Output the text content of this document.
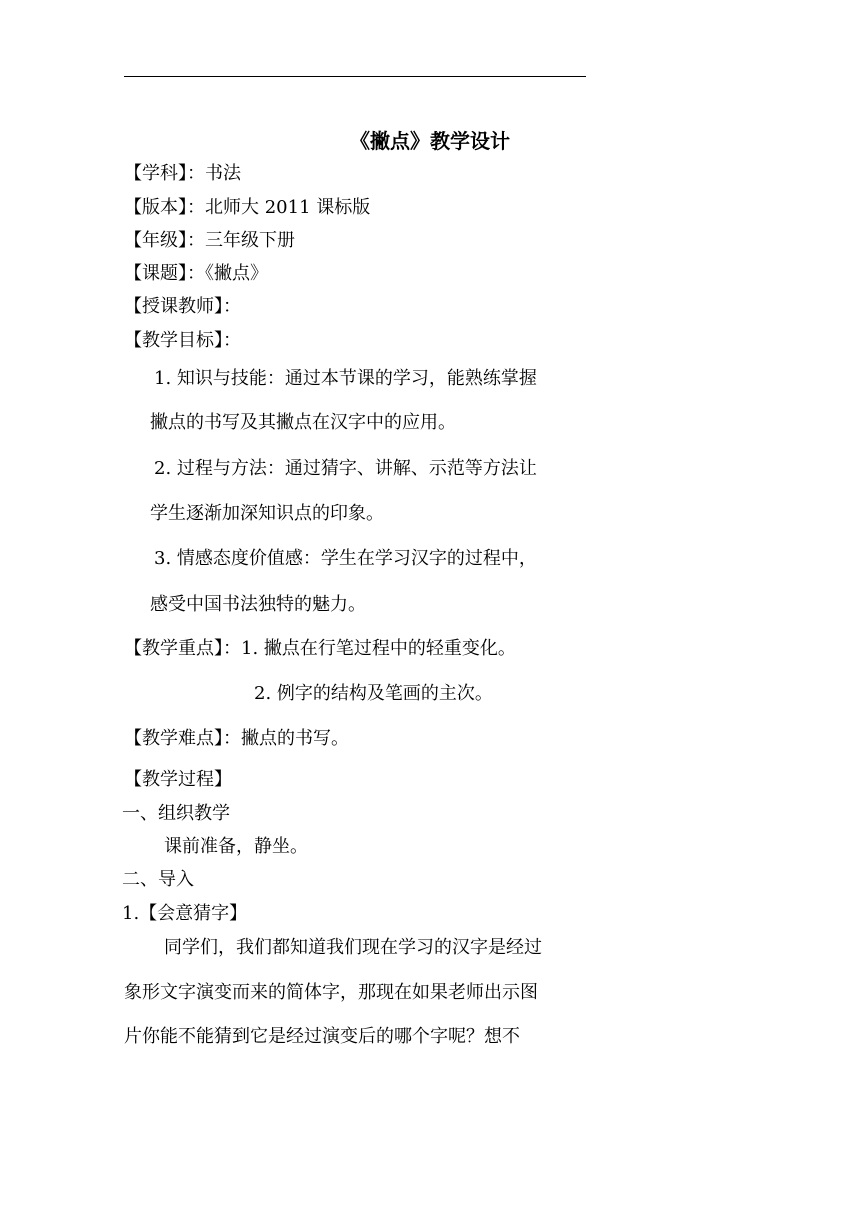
《撇点》教学设计
【学科】：书法
【版本】：北师大 2011 课标版
【年级】：三年级下册
【课题】：《撇点》
【授课教师】：
【教学目标】：
1. 知识与技能：通过本节课的学习，能熟练掌握
撇点的书写及其撇点在汉字中的应用。
2. 过程与方法：通过猜字、讲解、示范等方法让
学生逐渐加深知识点的印象。
3. 情感态度价值感：学生在学习汉字的过程中，
感受中国书法独特的魅力。
【教学重点】：1. 撇点在行笔过程中的轻重变化。
2. 例字的结构及笔画的主次。
【教学难点】：撇点的书写。
【教学过程】
一、组织教学
课前准备，静坐。
二、导入
1.【会意猜字】
同学们，我们都知道我们现在学习的汉字是经过
象形文字演变而来的简体字，那现在如果老师出示图
片你能不能猜到它是经过演变后的哪个字呢？想不
